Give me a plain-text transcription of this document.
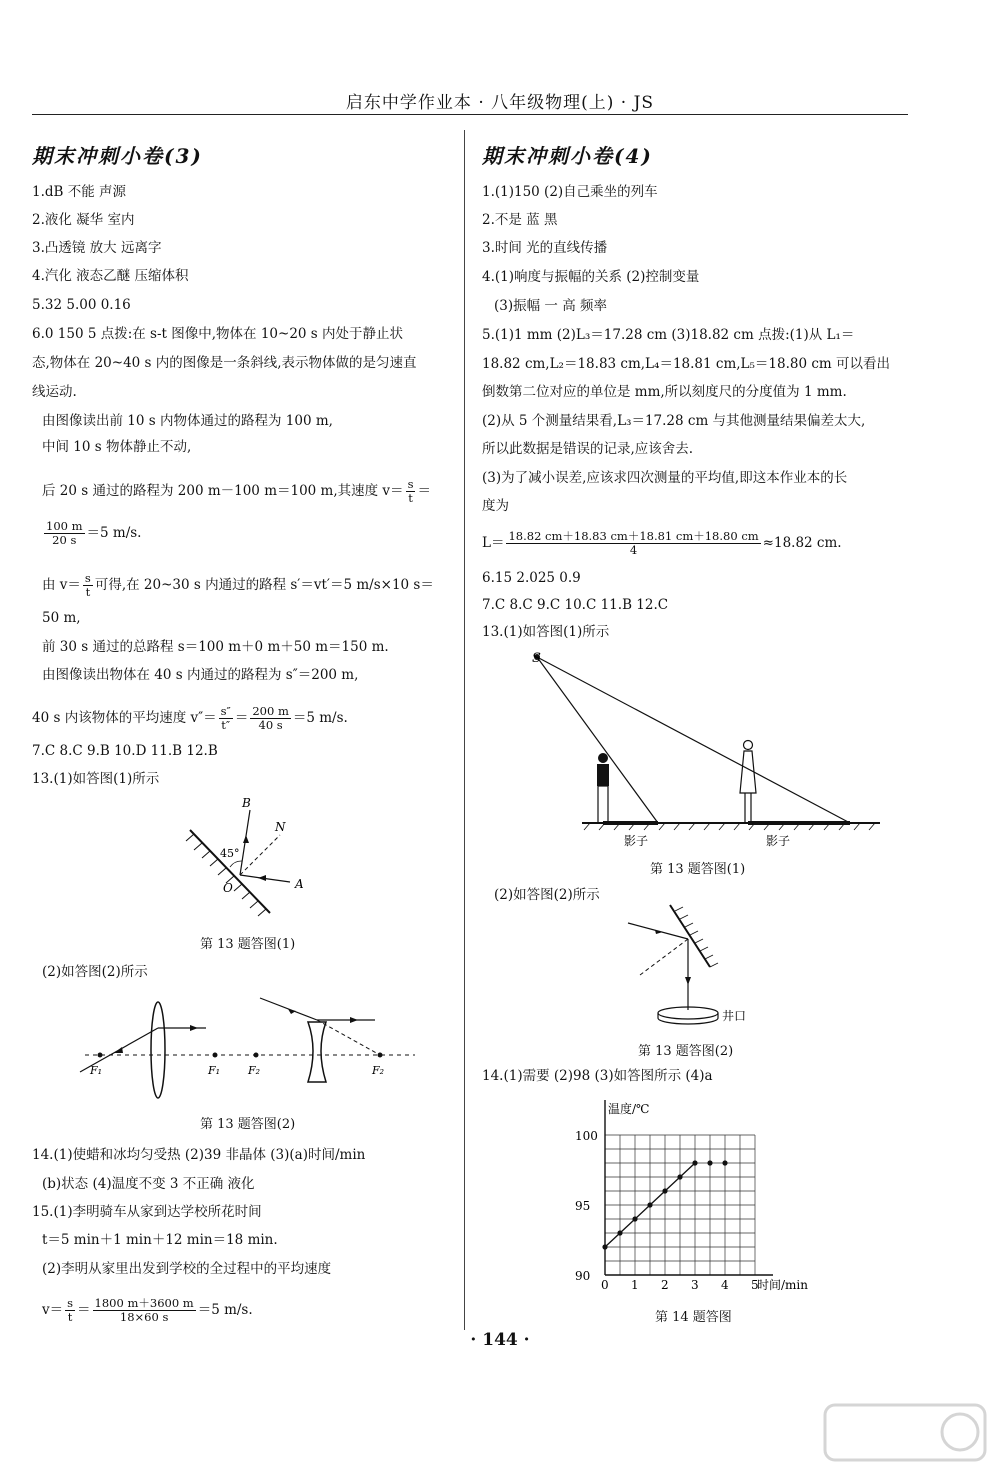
启东中学作业本 · 八年级物理(上) · JS
期末冲刺小卷(3)
1.dB 不能 声源
2.液化 凝华 室内
3.凸透镜 放大 远离字
4.汽化 液态乙醚 压缩体积
5.32 5.00 0.16
6.0 150 5 点拨:在 s-t 图像中,物体在 10~20 s 内处于静止状
态,物体在 20~40 s 内的图像是一条斜线,表示物体做的是匀速直
线运动.
由图像读出前 10 s 内物体通过的路程为 100 m,
中间 10 s 物体静止不动,
后 20 s 通过的路程为 200 m－100 m＝100 m,其速度 $v= \frac{s}{t}$ ＝
$\frac{100 m}{20 s} =5$ m/s.
由 $v= \frac{s}{t}$ 可得,在 20~30 s 内通过的路程 s′＝vt′＝5 m/s×10 s＝
50 m,
前 30 s 通过的总路程 s＝100 m＋0 m＋50 m＝150 m.
由图像读出物体在 40 s 内通过的路程为 s″＝200 m,
40 s 内该物体的平均速度 $v''= \frac{s''}{t''} = \frac{200 m}{40 s} =5$ m/s.
7.C 8.C 9.B 10.D 11.B 12.B
13.(1)如答图(1)所示
B
N
A
O
45°
第 13 题答图(1)
(2)如答图(2)所示
F₁	F₁	F₂	F₂
第 13 题答图(2)
14.(1)使蜡和冰均匀受热 (2)39 非晶体 (3)(a)时间/min
(b)状态 (4)温度不变 3 不正确 液化
15.(1)李明骑车从家到达学校所花时间
t＝5 min＋1 min＋12 min＝18 min.
(2)李明从家里出发到学校的全过程中的平均速度
$v= \frac{s}{t} = \frac{1800 m+3600 m}{18\times 60 s} =5$ m/s.
期末冲刺小卷(4)
1.(1)150 (2)自己乘坐的列车
2.不是 蓝 黑
3.时间 光的直线传播
4.(1)响度与振幅的关系 (2)控制变量
(3)振幅 一 高 频率
5.(1)1 mm (2)L₃＝17.28 cm (3)18.82 cm 点拨:(1)从 L₁＝
18.82 cm,L₂＝18.83 cm,L₄＝18.81 cm,L₅＝18.80 cm 可以看出
倒数第二位对应的单位是 mm,所以刻度尺的分度值为 1 mm.
(2)从 5 个测量结果看,L₃＝17.28 cm 与其他测量结果偏差太大,
所以此数据是错误的记录,应该舍去.
(3)为了减小误差,应该求四次测量的平均值,即这本作业本的长
度为
$L= \frac{18.82 cm+18.83 cm+18.81 cm+18.80 cm}{4} \approx 18.82$ cm.
6.15 2.025 0.9
7.C 8.C 9.C 10.C 11.B 12.C
13.(1)如答图(1)所示
S
影子	影子
第 13 题答图(1)
(2)如答图(2)所示
井口
第 13 题答图(2)
14.(1)需要 (2)98 (3)如答图所示 (4)a
0 1 2 3 4 5
90
95
100
时间/min
温度/℃
第 14 题答图
· 144 ·
